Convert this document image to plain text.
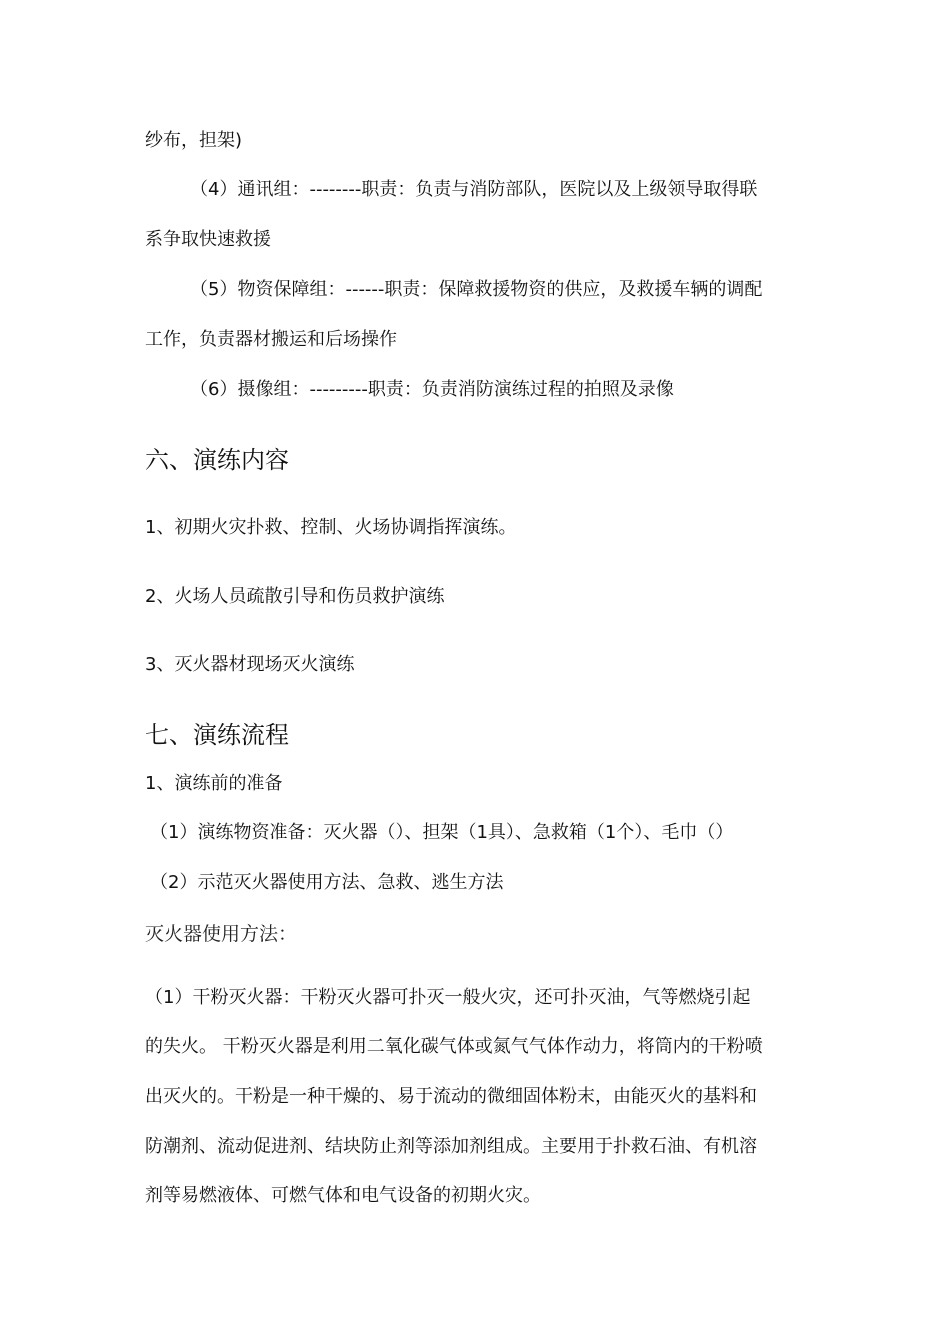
纱布，担架)
（4）通讯组：--------职责：负责与消防部队，医院以及上级领导取得联
系争取快速救援
（5）物资保障组：------职责：保障救援物资的供应，及救援车辆的调配
工作，负责器材搬运和后场操作
（6）摄像组：---------职责：负责消防演练过程的拍照及录像
六、演练内容
1、初期火灾扑救、控制、火场协调指挥演练。
2、火场人员疏散引导和伤员救护演练
3、灭火器材现场灭火演练
七、演练流程
1、演练前的准备
（1）演练物资准备：灭火器（）、担架（1具）、急救箱（1个）、毛巾（）
（2）示范灭火器使用方法、急救、逃生方法
灭火器使用方法：
（1）干粉灭火器：干粉灭火器可扑灭一般火灾，还可扑灭油，气等燃烧引起
的失火。 干粉灭火器是利用二氧化碳气体或氮气气体作动力，将筒内的干粉喷
出灭火的。干粉是一种干燥的、易于流动的微细固体粉末，由能灭火的基料和
防潮剂、流动促进剂、结块防止剂等添加剂组成。主要用于扑救石油、有机溶
剂等易燃液体、可燃气体和电气设备的初期火灾。
